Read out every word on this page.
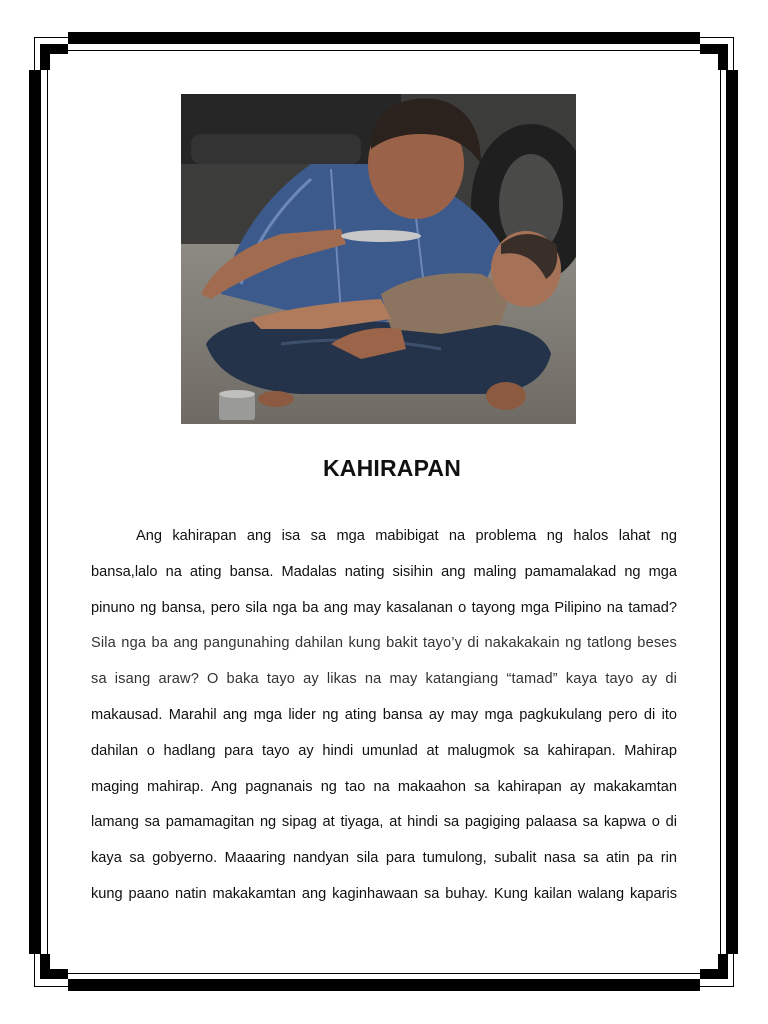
KAHIRAPAN

Ang kahirapan ang isa sa mga mabibigat na problema ng halos lahat ng
bansa,lalo na ating bansa. Madalas nating sisihin ang maling pamamalakad ng mga
pinuno ng bansa, pero sila nga ba ang may kasalanan o tayong mga Pilipino na tamad?
Sila nga ba ang pangunahing dahilan kung bakit tayo’y di nakakakain ng tatlong beses
sa isang araw? O baka tayo ay likas na may katangiang “tamad” kaya tayo ay di
makausad. Marahil ang mga lider ng ating bansa ay may mga pagkukulang pero di ito
dahilan o hadlang para tayo ay hindi umunlad at malugmok sa kahirapan. Mahirap
maging mahirap. Ang pagnanais ng tao na makaahon sa kahirapan ay makakamtan
lamang sa pamamagitan ng sipag at tiyaga, at hindi sa pagiging palaasa sa kapwa o di
kaya sa gobyerno. Maaaring nandyan sila para tumulong, subalit nasa sa atin pa rin
kung paano natin makakamtan ang kaginhawaan sa buhay. Kung kailan walang kaparis
